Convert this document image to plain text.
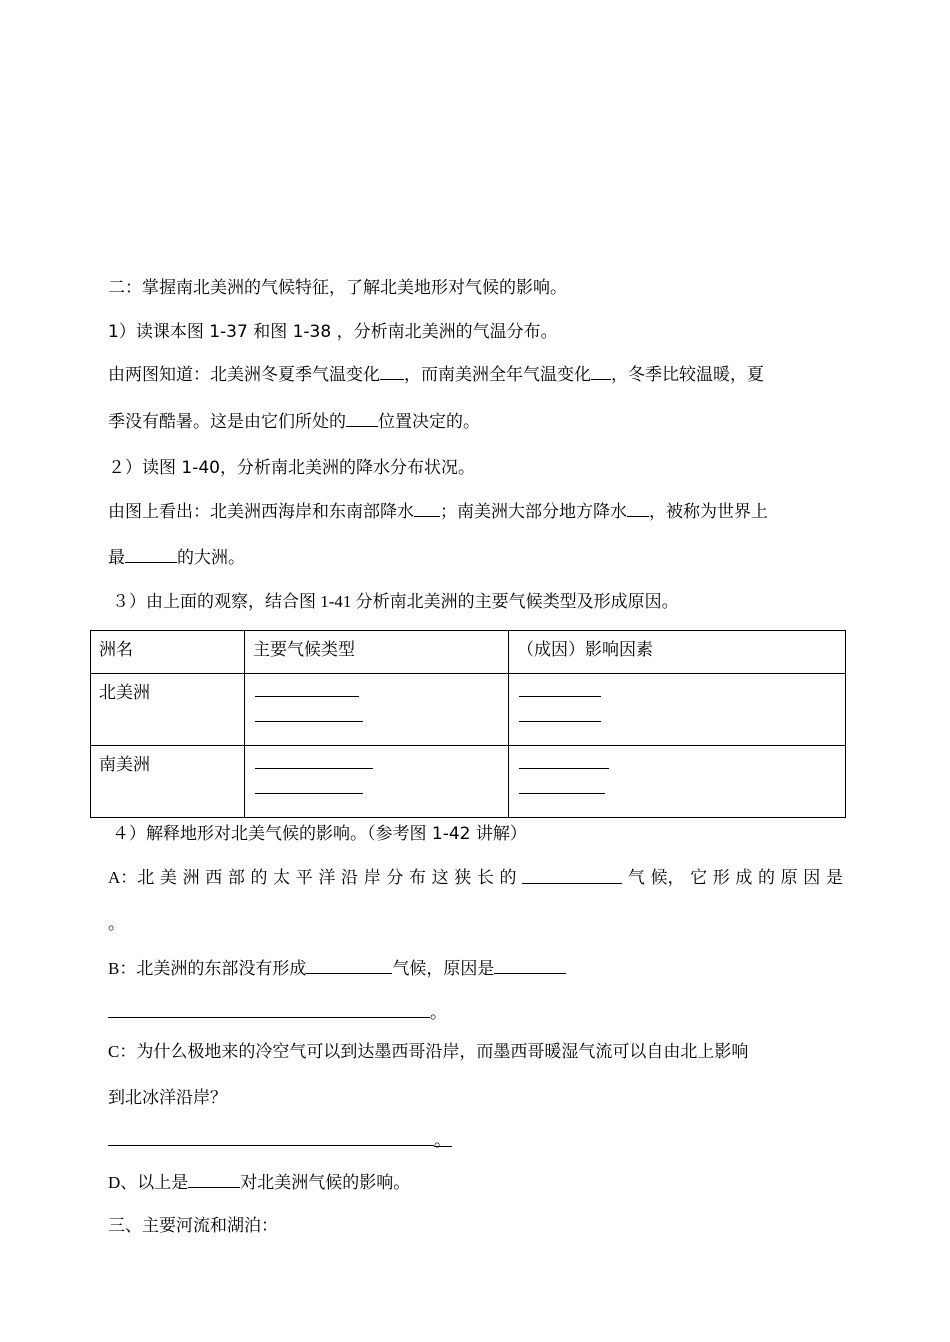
二：掌握南北美洲的气候特征，了解北美地形对气候的影响。
1）读课本图 1-37 和图 1-38 ，分析南北美洲的气温分布。
由两图知道：北美洲冬夏季气温变化 ，而南美洲全年气温变化 ，冬季比较温暖，夏
季没有酷暑。这是由它们所处的 位置决定的。
２）读图 1-40，分析南北美洲的降水分布状况。
由图上看出：北美洲西海岸和东南部降水 ；南美洲大部分地方降水 ，被称为世界上
最	的大洲。
３）由上面的观察，结合图 1-41 分析南北美洲的主要气候类型及形成原因。
洲名	主要气候类型	（成因）影响因素

北美洲		

南美洲		

４）解释地形对北美气候的影响。（参考图 1-42 讲解）
A：北 美 洲 西 部 的 太 平 洋 沿 岸 分 布 这 狭 长 的	气 候， 它 形 成 的 原 因 是
。
B：北美洲的东部没有形成	气候，原因是
。
C：为什么极地来的冷空气可以到达墨西哥沿岸，而墨西哥暖湿气流可以自由北上影响
到北冰洋沿岸？
。
D、以上是	对北美洲气候的影响。
三、主要河流和湖泊：
